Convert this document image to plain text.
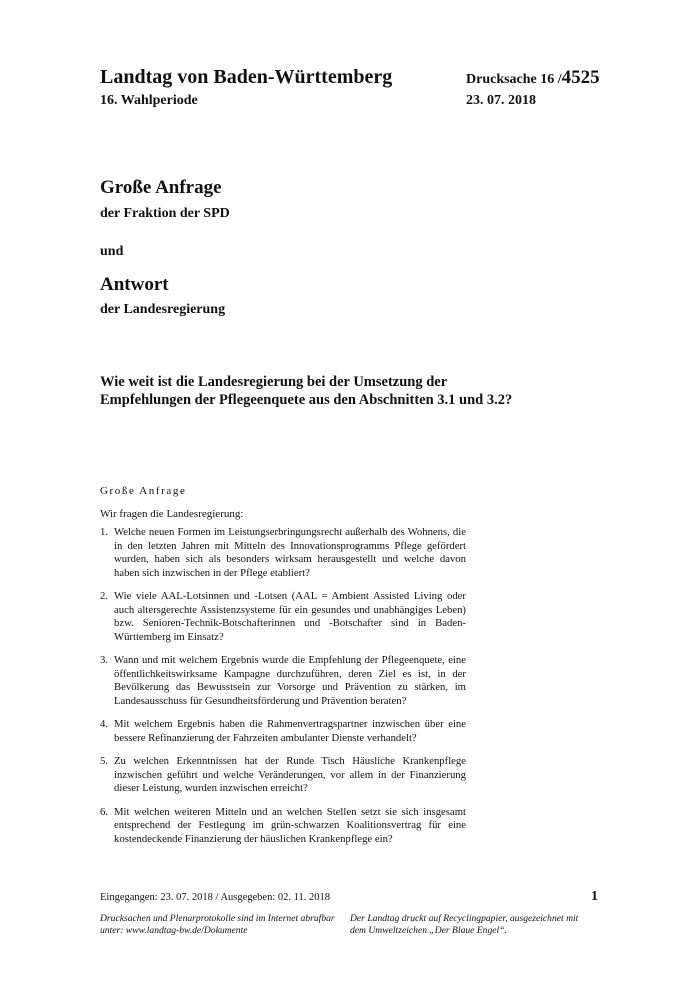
Landtag von Baden-Württemberg
16. Wahlperiode
Drucksache 16 /4525
23. 07. 2018
Große Anfrage
der Fraktion der SPD
und
Antwort
der Landesregierung
Wie weit ist die Landesregierung bei der Umsetzung der Empfehlungen der Pflegeenquete aus den Abschnitten 3.1 und 3.2?
Große Anfrage
Wir fragen die Landesregierung:
1. Welche neuen Formen im Leistungserbringungsrecht außerhalb des Wohnens, die in den letzten Jahren mit Mitteln des Innovationsprogramms Pflege gefördert wurden, haben sich als besonders wirksam herausgestellt und welche davon haben sich inzwischen in der Pflege etabliert?
2. Wie viele AAL-Lotsinnen und -Lotsen (AAL = Ambient Assisted Living oder auch altersgerechte Assistenzsysteme für ein gesundes und unabhängiges Leben) bzw. Senioren-Technik-Botschafterinnen und -Botschafter sind in Baden-Württemberg im Einsatz?
3. Wann und mit welchem Ergebnis wurde die Empfehlung der Pflegeenquete, eine öffentlichkeitswirksame Kampagne durchzuführen, deren Ziel es ist, in der Bevölkerung das Bewusstsein zur Vorsorge und Prävention zu stärken, im Landesausschuss für Gesundheitsförderung und Prävention beraten?
4. Mit welchem Ergebnis haben die Rahmenvertragspartner inzwischen über eine bessere Refinanzierung der Fahrzeiten ambulanter Dienste verhandelt?
5. Zu welchen Erkenntnissen hat der Runde Tisch Häusliche Krankenpflege inzwischen geführt und welche Veränderungen, vor allem in der Finanzierung dieser Leistung, wurden inzwischen erreicht?
6. Mit welchen weiteren Mitteln und an welchen Stellen setzt sie sich insgesamt entsprechend der Festlegung im grün-schwarzen Koalitionsvertrag für eine kostendeckende Finanzierung der häuslichen Krankenpflege ein?
Eingegangen: 23. 07. 2018 / Ausgegeben: 02. 11. 2018	1
Drucksachen und Plenarprotokolle sind im Internet abrufbar unter: www.landtag-bw.de/Dokumente
Der Landtag druckt auf Recyclingpapier, ausgezeichnet mit dem Umweltzeichen „Der Blaue Engel“.
